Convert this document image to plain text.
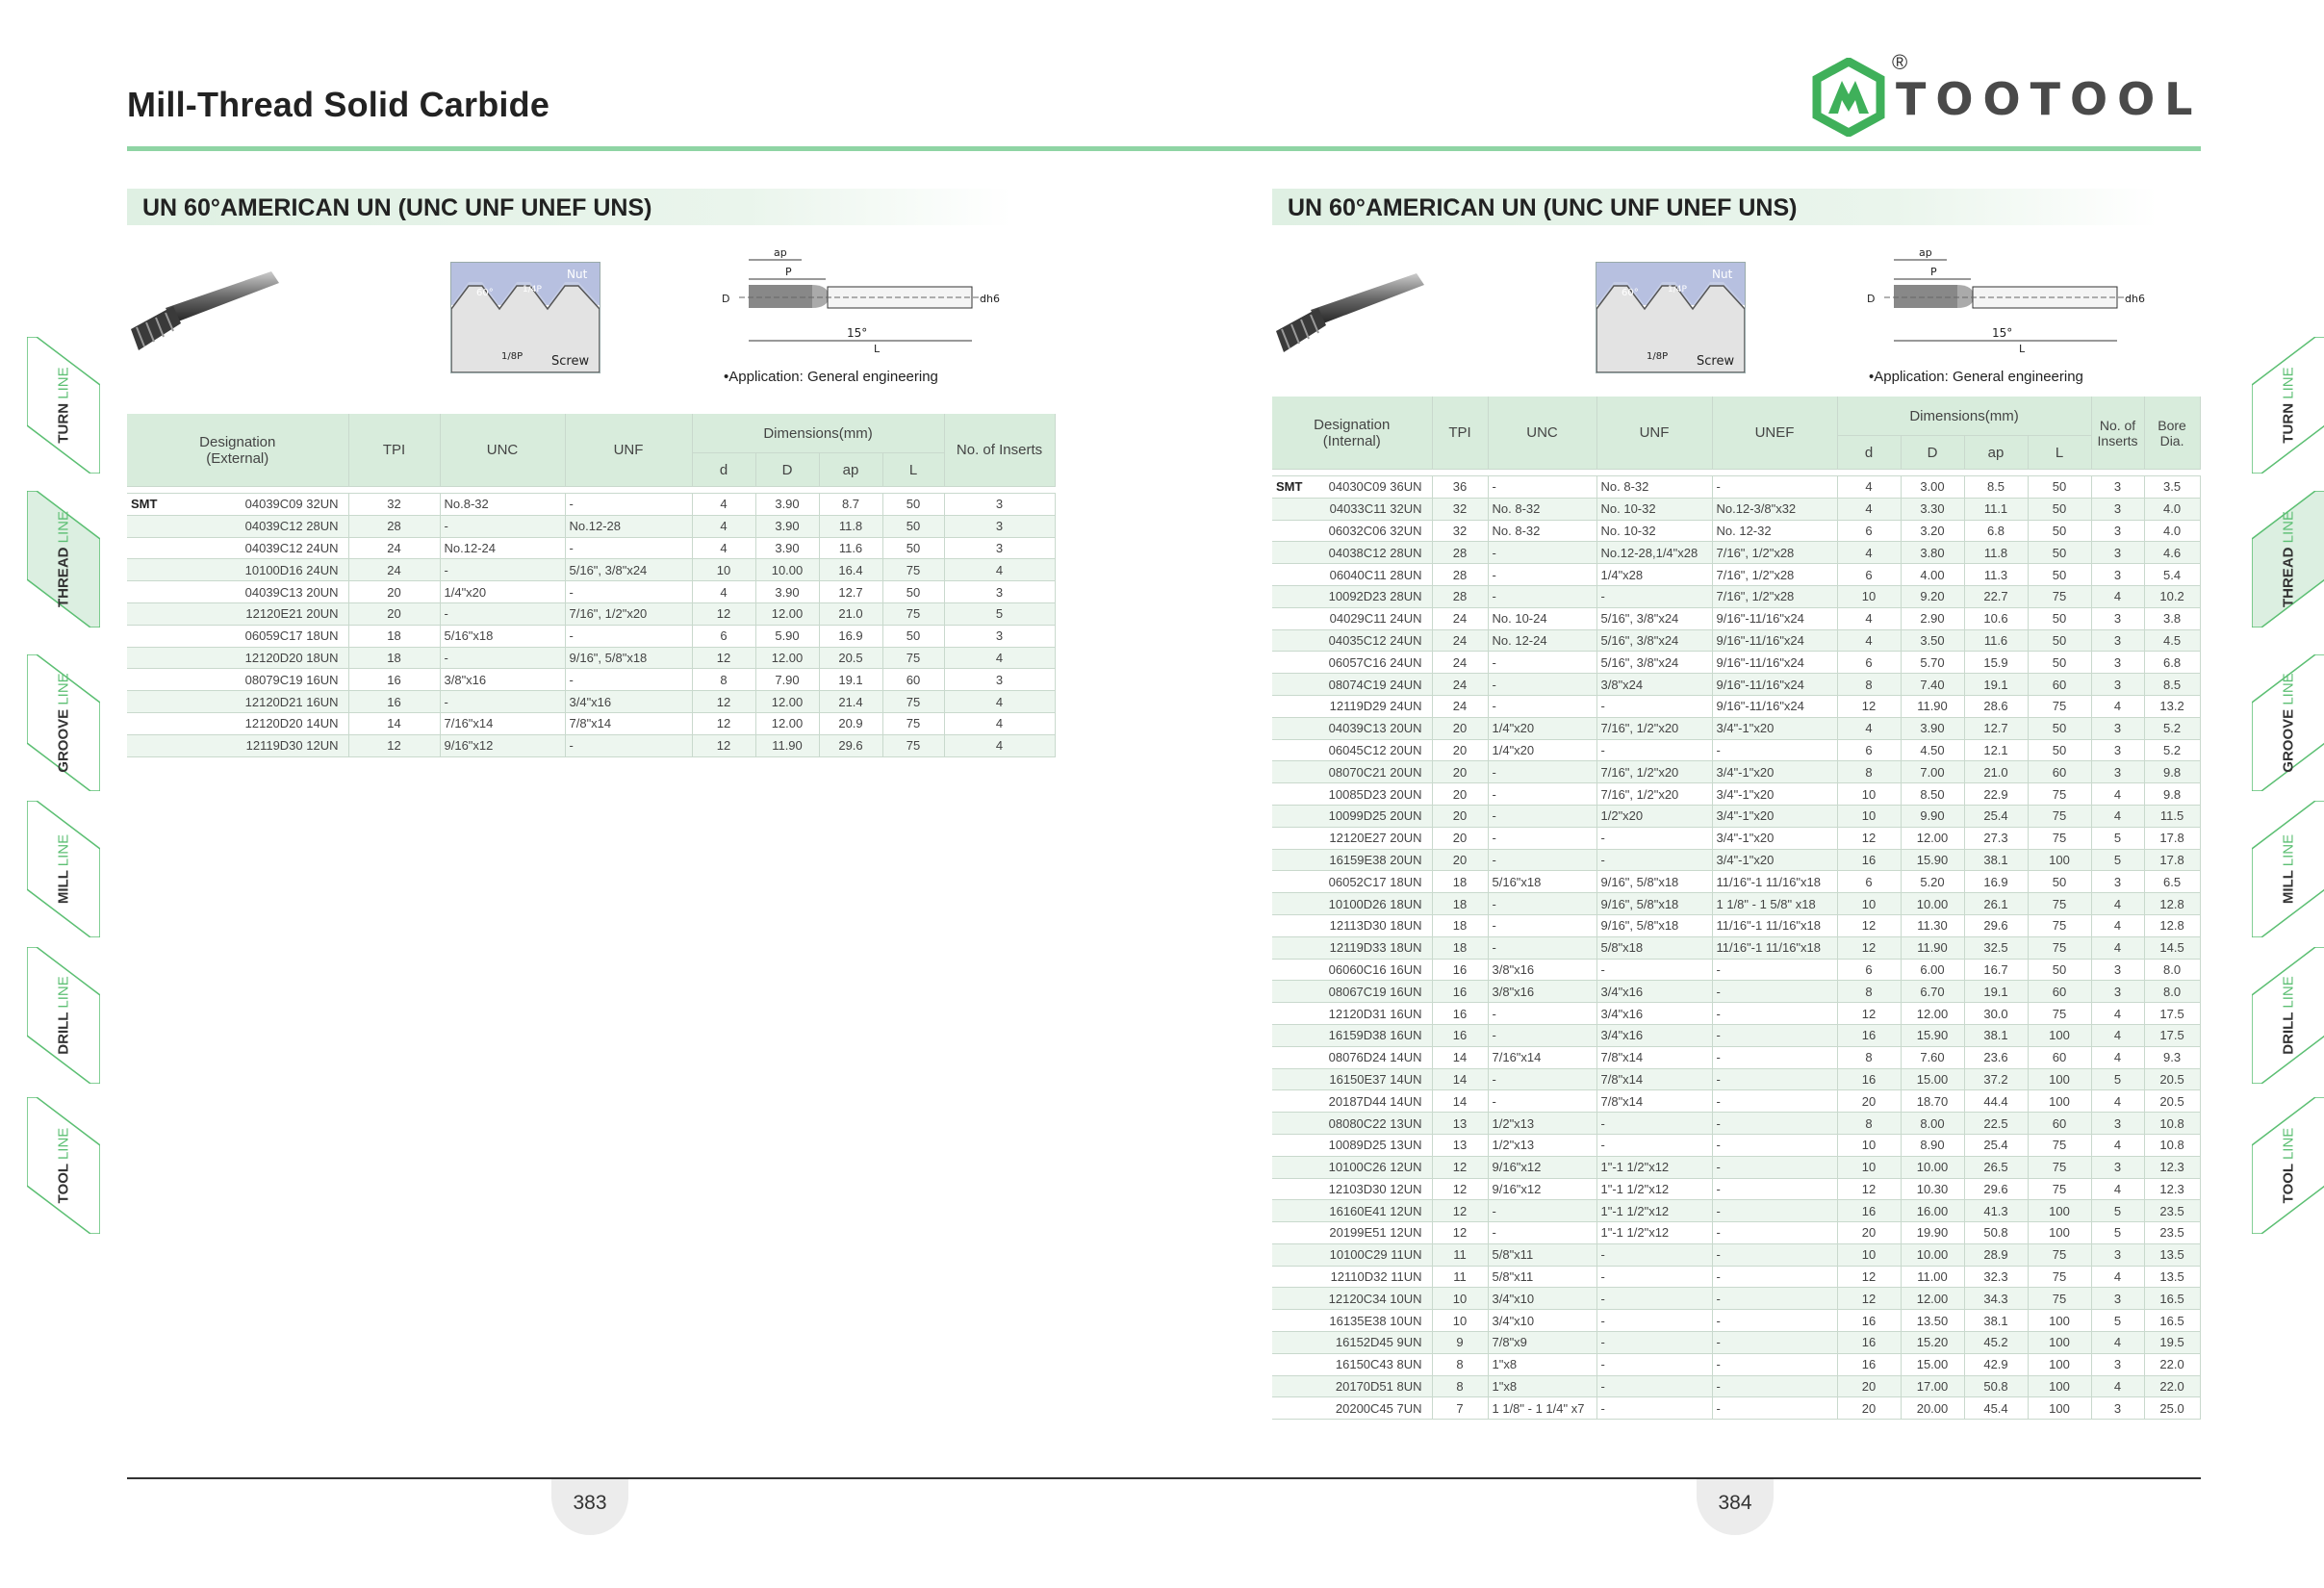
Mill-Thread Solid Carbide
®
TOOTOOL
UN 60°AMERICAN UN (UNC UNF UNEF UNS)	UN 60°AMERICAN UN (UNC UNF UNEF UNS)
Nut
Screw
60°	1/4P
1/8P
ap
P
D	dh6
15°
L
•Application: General engineering
Nut
Screw
60°	1/4P
1/8P
ap
P
D	dh6
15°
L
•Application: General engineering
Designation
(External)	TPI	UNC	UNF	Dimensions(mm)				No. of Inserts
				d	D	ap	L	

SMT 04039C09 32UN	32	No.8-32	-	4	3.90	8.7	50	3
04039C12 28UN	28	-	No.12-28	4	3.90	11.8	50	3
04039C12 24UN	24	No.12-24	-	4	3.90	11.6	50	3
10100D16 24UN	24	-	5/16", 3/8"x24	10	10.00	16.4	75	4
04039C13 20UN	20	1/4"x20	-	4	3.90	12.7	50	3
12120E21 20UN	20	-	7/16", 1/2"x20	12	12.00	21.0	75	5
06059C17 18UN	18	5/16"x18	-	6	5.90	16.9	50	3
12120D20 18UN	18	-	9/16", 5/8"x18	12	12.00	20.5	75	4
08079C19 16UN	16	3/8"x16	-	8	7.90	19.1	60	3
12120D21 16UN	16	-	3/4"x16	12	12.00	21.4	75	4
12120D20 14UN	14	7/16"x14	7/8"x14	12	12.00	20.9	75	4
12119D30 12UN	12	9/16"x12	-	12	11.90	29.6	75	4
Designation
(Internal)	TPI	UNC	UNF	UNEF	Dimensions(mm)				No. of Inserts	Bore Dia.
					d	D	ap	L		

SMT 04030C09 36UN	36	-	No. 8-32	-	4	3.00	8.5	50	3	3.5
04033C11 32UN	32	No. 8-32	No. 10-32	No.12-3/8"x32	4	3.30	11.1	50	3	4.0
06032C06 32UN	32	No. 8-32	No. 10-32	No. 12-32	6	3.20	6.8	50	3	4.0
04038C12 28UN	28	-	No.12-28,1/4"x28	7/16", 1/2"x28	4	3.80	11.8	50	3	4.6
06040C11 28UN	28	-	1/4"x28	7/16", 1/2"x28	6	4.00	11.3	50	3	5.4
10092D23 28UN	28	-	-	7/16", 1/2"x28	10	9.20	22.7	75	4	10.2
04029C11 24UN	24	No. 10-24	5/16", 3/8"x24	9/16"-11/16"x24	4	2.90	10.6	50	3	3.8
04035C12 24UN	24	No. 12-24	5/16", 3/8"x24	9/16"-11/16"x24	4	3.50	11.6	50	3	4.5
06057C16 24UN	24	-	5/16", 3/8"x24	9/16"-11/16"x24	6	5.70	15.9	50	3	6.8
08074C19 24UN	24	-	3/8"x24	9/16"-11/16"x24	8	7.40	19.1	60	3	8.5
12119D29 24UN	24	-	-	9/16"-11/16"x24	12	11.90	28.6	75	4	13.2
04039C13 20UN	20	1/4"x20	7/16", 1/2"x20	3/4"-1"x20	4	3.90	12.7	50	3	5.2
06045C12 20UN	20	1/4"x20	-	-	6	4.50	12.1	50	3	5.2
08070C21 20UN	20	-	7/16", 1/2"x20	3/4"-1"x20	8	7.00	21.0	60	3	9.8
10085D23 20UN	20	-	7/16", 1/2"x20	3/4"-1"x20	10	8.50	22.9	75	4	9.8
10099D25 20UN	20	-	1/2"x20	3/4"-1"x20	10	9.90	25.4	75	4	11.5
12120E27 20UN	20	-	-	3/4"-1"x20	12	12.00	27.3	75	5	17.8
16159E38 20UN	20	-	-	3/4"-1"x20	16	15.90	38.1	100	5	17.8
06052C17 18UN	18	5/16"x18	9/16", 5/8"x18	11/16"-1 11/16"x18	6	5.20	16.9	50	3	6.5
10100D26 18UN	18	-	9/16", 5/8"x18	1 1/8" - 1 5/8" x18	10	10.00	26.1	75	4	12.8
12113D30 18UN	18	-	9/16", 5/8"x18	11/16"-1 11/16"x18	12	11.30	29.6	75	4	12.8
12119D33 18UN	18	-	5/8"x18	11/16"-1 11/16"x18	12	11.90	32.5	75	4	14.5
06060C16 16UN	16	3/8"x16	-	-	6	6.00	16.7	50	3	8.0
08067C19 16UN	16	3/8"x16	3/4"x16	-	8	6.70	19.1	60	3	8.0
12120D31 16UN	16	-	3/4"x16	-	12	12.00	30.0	75	4	17.5
16159D38 16UN	16	-	3/4"x16	-	16	15.90	38.1	100	4	17.5
08076D24 14UN	14	7/16"x14	7/8"x14	-	8	7.60	23.6	60	4	9.3
16150E37 14UN	14	-	7/8"x14	-	16	15.00	37.2	100	5	20.5
20187D44 14UN	14	-	7/8"x14	-	20	18.70	44.4	100	4	20.5
08080C22 13UN	13	1/2"x13	-	-	8	8.00	22.5	60	3	10.8
10089D25 13UN	13	1/2"x13	-	-	10	8.90	25.4	75	4	10.8
10100C26 12UN	12	9/16"x12	1"-1 1/2"x12	-	10	10.00	26.5	75	3	12.3
12103D30 12UN	12	9/16"x12	1"-1 1/2"x12	-	12	10.30	29.6	75	4	12.3
16160E41 12UN	12	-	1"-1 1/2"x12	-	16	16.00	41.3	100	5	23.5
20199E51 12UN	12	-	1"-1 1/2"x12	-	20	19.90	50.8	100	5	23.5
10100C29 11UN	11	5/8"x11	-	-	10	10.00	28.9	75	3	13.5
12110D32 11UN	11	5/8"x11	-	-	12	11.00	32.3	75	4	13.5
12120C34 10UN	10	3/4"x10	-	-	12	12.00	34.3	75	3	16.5
16135E38 10UN	10	3/4"x10	-	-	16	13.50	38.1	100	5	16.5
16152D45 9UN	9	7/8"x9	-	-	16	15.20	45.2	100	4	19.5
16150C43 8UN	8	1"x8	-	-	16	15.00	42.9	100	3	22.0
20170D51 8UN	8	1"x8	-	-	20	17.00	50.8	100	4	22.0
20200C45 7UN	7	1 1/8" - 1 1/4" x7	-	-	20	20.00	45.4	100	3	25.0
TURN LINE
THREAD LINE
GROOVE LINE
MILL LINE
DRILL LINE
TOOL LINE
TURN LINE
THREAD LINE
GROOVE LINE
MILL LINE
DRILL LINE
TOOL LINE
383	384
